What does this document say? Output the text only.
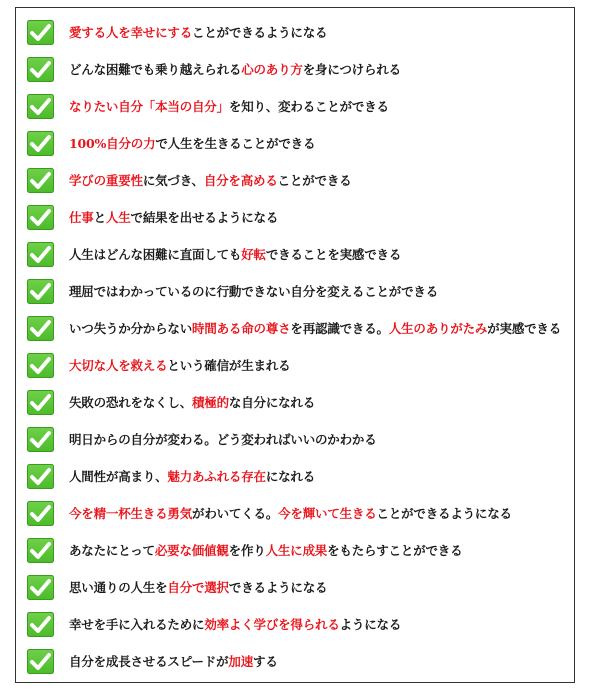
愛する人を幸せにすることができるようになる
どんな困難でも乗り越えられる心のあり方を身につけられる
なりたい自分「本当の自分」を知り、変わることができる
100%自分の力で人生を生きることができる
学びの重要性に気づき、自分を高めることができる
仕事と人生で結果を出せるようになる
人生はどんな困難に直面しても好転できることを実感できる
理屈ではわかっているのに行動できない自分を変えることができる
いつ失うか分からない時間ある命の尊さを再認識できる。人生のありがたみが実感できる
大切な人を救えるという確信が生まれる
失敗の恐れをなくし、積極的な自分になれる
明日からの自分が変わる。どう変わればいいのかわかる
人間性が高まり、魅力あふれる存在になれる
今を精一杯生きる勇気がわいてくる。今を輝いて生きることができるようになる
あなたにとって必要な価値観を作り人生に成果をもたらすことができる
思い通りの人生を自分で選択できるようになる
幸せを手に入れるために効率よく学びを得られるようになる
自分を成長させるスピードが加速する
